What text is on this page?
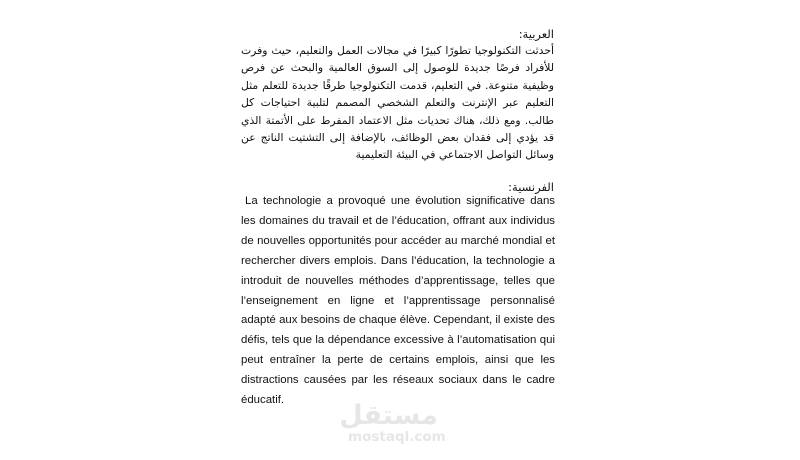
العربية:
أحدثت التكنولوجيا تطورًا كبيرًا في مجالات العمل والتعليم، حيث وفرت للأفراد فرصًا جديدة للوصول إلى السوق العالمية والبحث عن فرص وظيفية متنوعة. في التعليم، قدمت التكنولوجيا طرقًا جديدة للتعلم مثل التعليم عبر الإنترنت والتعلم الشخصي المصمم لتلبية احتياجات كل طالب. ومع ذلك، هناك تحديات مثل الاعتماد المفرط على الأتمتة الذي قد يؤدي إلى فقدان بعض الوظائف، بالإضافة إلى التشتيت الناتج عن وسائل التواصل الاجتماعي في البيئة التعليمية
الفرنسية:
La technologie a provoqué une évolution significative dans les domaines du travail et de l’éducation, offrant aux individus de nouvelles opportunités pour accéder au marché mondial et rechercher divers emplois. Dans l’éducation, la technologie a introduit de nouvelles méthodes d’apprentissage, telles que l’enseignement en ligne et l’apprentissage personnalisé adapté aux besoins de chaque élève. Cependant, il existe des défis, tels que la dépendance excessive à l’automatisation qui peut entraîner la perte de certains emplois, ainsi que les distractions causées par les réseaux sociaux dans le cadre éducatif.	مستقل
mostaql.com
